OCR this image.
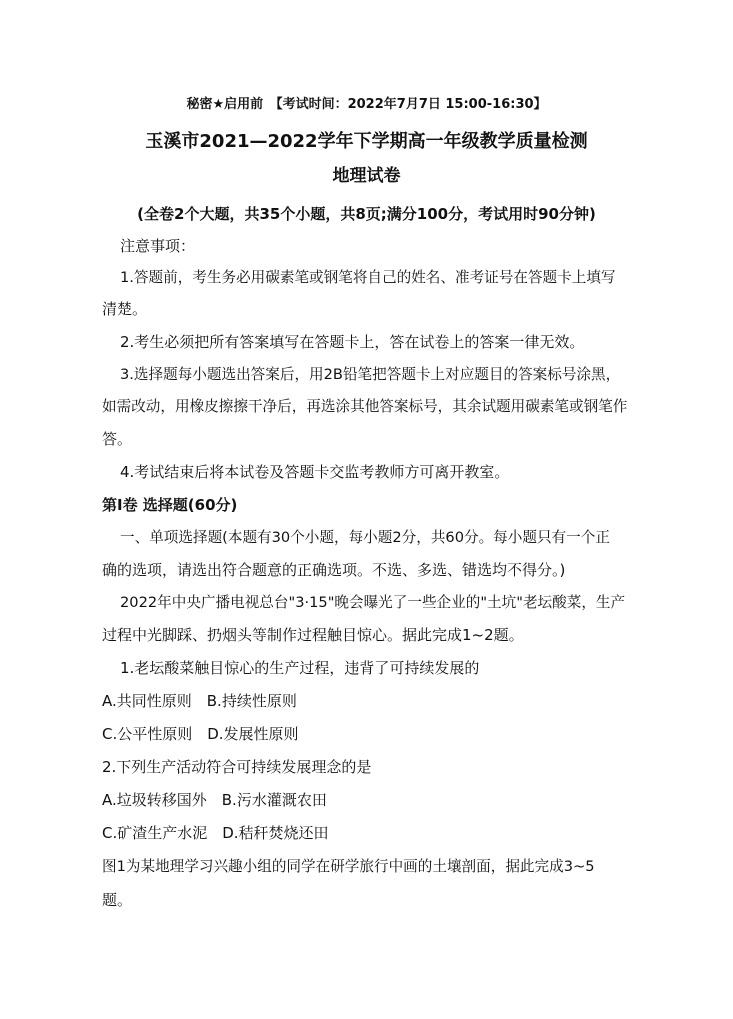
秘密★启用前　【考试时间：2022年7月7日 15:00-16:30】
玉溪市2021—2022学年下学期高一年级教学质量检测
地理试卷
(全卷2个大题，共35个小题，共8页;满分100分，考试用时90分钟)
注意事项：
1.答题前，考生务必用碳素笔或钢笔将自己的姓名、准考证号在答题卡上填写
清楚。
2.考生必须把所有答案填写在答题卡上，答在试卷上的答案一律无效。
3.选择题每小题选出答案后，用2B铅笔把答题卡上对应题目的答案标号涂黑，
如需改动，用橡皮擦擦干净后，再选涂其他答案标号，其余试题用碳素笔或钢笔作
答。
4.考试结束后将本试卷及答题卡交监考教师方可离开教室。
第Ⅰ卷 选择题(60分)
一、单项选择题(本题有30个小题，每小题2分，共60分。每小题只有一个正
确的选项，请选出符合题意的正确选项。不选、多选、错选均不得分。)
2022年中央广播电视总台"3·15"晚会曝光了一些企业的"土坑"老坛酸菜，生产
过程中光脚踩、扔烟头等制作过程触目惊心。据此完成1~2题。
1.老坛酸菜触目惊心的生产过程，违背了可持续发展的
A.共同性原则　B.持续性原则
C.公平性原则　D.发展性原则
2.下列生产活动符合可持续发展理念的是
A.垃圾转移国外　B.污水灌溉农田
C.矿渣生产水泥　D.秸秆焚烧还田
图1为某地理学习兴趣小组的同学在研学旅行中画的土壤剖面，据此完成3~5
题。
